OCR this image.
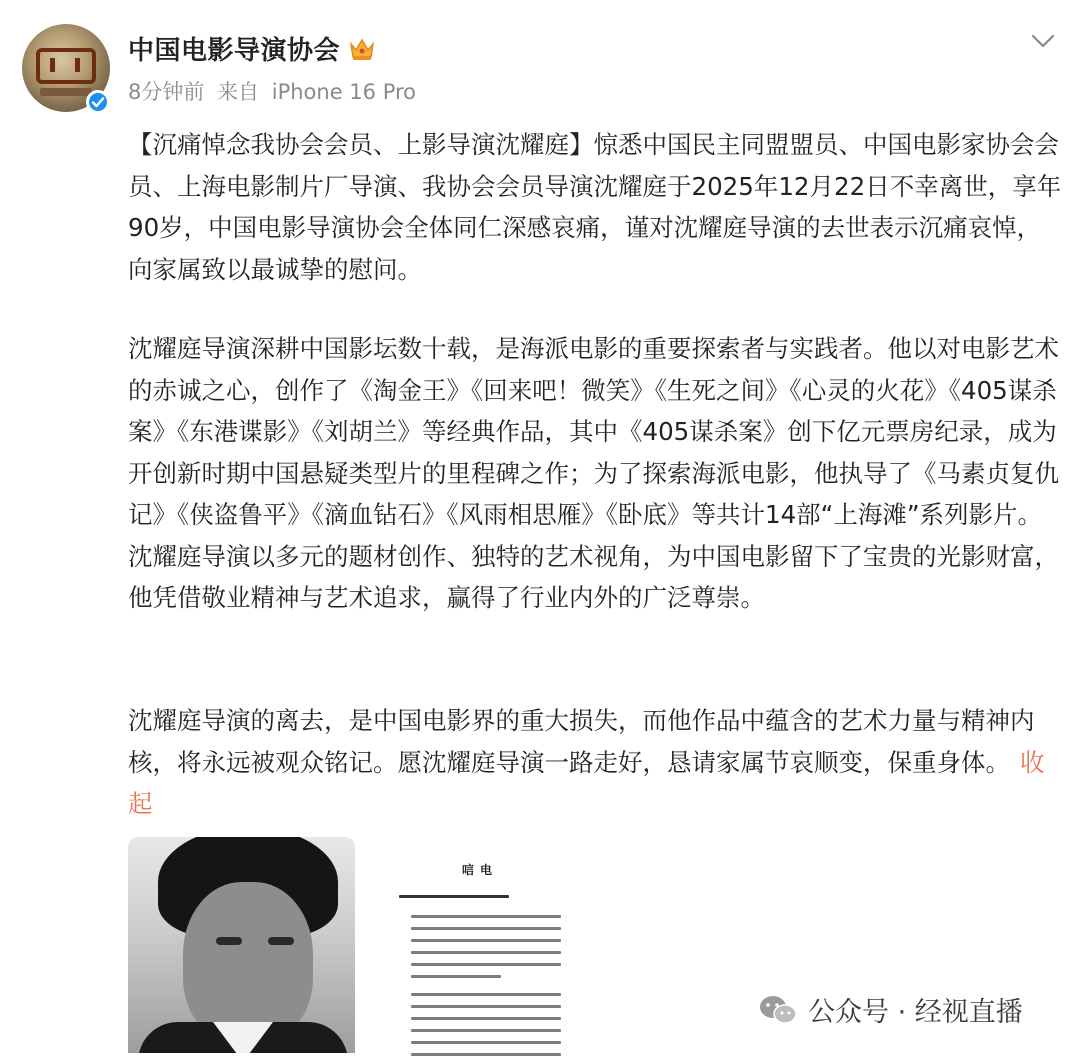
中国电影导演协会
8分钟前 来自 iPhone 16 Pro

【沉痛悼念我协会会员、上影导演沈耀庭】惊悉中国民主同盟盟员、中国电影家协会会员、上海电影制片厂导演、我协会会员导演沈耀庭于2025年12月22日不幸离世，享年90岁，中国电影导演协会全体同仁深感哀痛，谨对沈耀庭导演的去世表示沉痛哀悼，向家属致以最诚挚的慰问。

沈耀庭导演深耕中国影坛数十载，是海派电影的重要探索者与实践者。他以对电影艺术的赤诚之心，创作了《淘金王》《回来吧！微笑》《生死之间》《心灵的火花》《405谋杀案》《东港谍影》《刘胡兰》等经典作品，其中《405谋杀案》创下亿元票房纪录，成为开创新时期中国悬疑类型片的里程碑之作；为了探索海派电影，他执导了《马素贞复仇记》《侠盗鲁平》《滴血钻石》《风雨相思雁》《卧底》等共计14部“上海滩”系列影片。沈耀庭导演以多元的题材创作、独特的艺术视角，为中国电影留下了宝贵的光影财富，他凭借敬业精神与艺术追求，赢得了行业内外的广泛尊崇。

沈耀庭导演的离去，是中国电影界的重大损失，而他作品中蕴含的艺术力量与精神内核，将永远被观众铭记。愿沈耀庭导演一路走好，恳请家属节哀顺变，保重身体。 收起

唁电
公众号 · 经视直播
